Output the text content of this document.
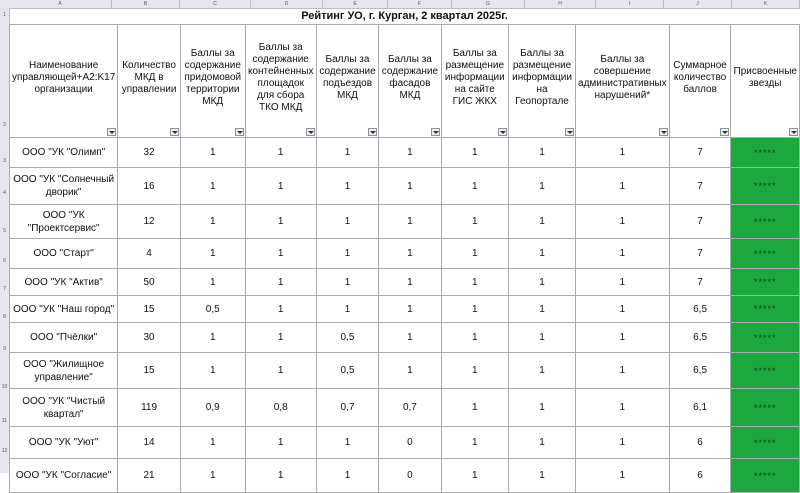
A	B	C	D	E	F	G	H	I	J	K
1
2
3
4
5
6
7
8
9
10
11
12
Рейтинг УО, г. Курган, 2 квартал 2025г.
Наименование управляющей+A2:K17 организации	Количество МКД в управлении	Баллы за содержание придомовой территории МКД	Баллы за содержание контейненных площадок для сбора ТКО МКД	Баллы за содержание подъездов МКД	Баллы за содержание фасадов МКД	Баллы за размещение информации на сайте ГИС ЖКХ	Баллы за размещение информации на Геопортале	Баллы за совершение административных нарушений*	Суммарное количество баллов	Присвоенные звезды

ООО "УК "Олимп"	32	1	1	1	1	1	1	1	7	*****
ООО "УК "Солнечный дворик"	16	1	1	1	1	1	1	1	7	*****
ООО "УК "Проектсервис"	12	1	1	1	1	1	1	1	7	*****
ООО "Старт"	4	1	1	1	1	1	1	1	7	*****
ООО "УК "Актив"	50	1	1	1	1	1	1	1	7	*****
ООО "УК "Наш город"	15	0,5	1	1	1	1	1	1	6,5	*****
ООО "Пчёлки"	30	1	1	0,5	1	1	1	1	6,5	*****
ООО "Жилищное управление"	15	1	1	0,5	1	1	1	1	6,5	*****
ООО "УК "Чистый квартал"	119	0,9	0,8	0,7	0,7	1	1	1	6,1	*****
ООО "УК "Уют"	14	1	1	1	0	1	1	1	6	*****
ООО "УК "Согласие"	21	1	1	1	0	1	1	1	6	*****
